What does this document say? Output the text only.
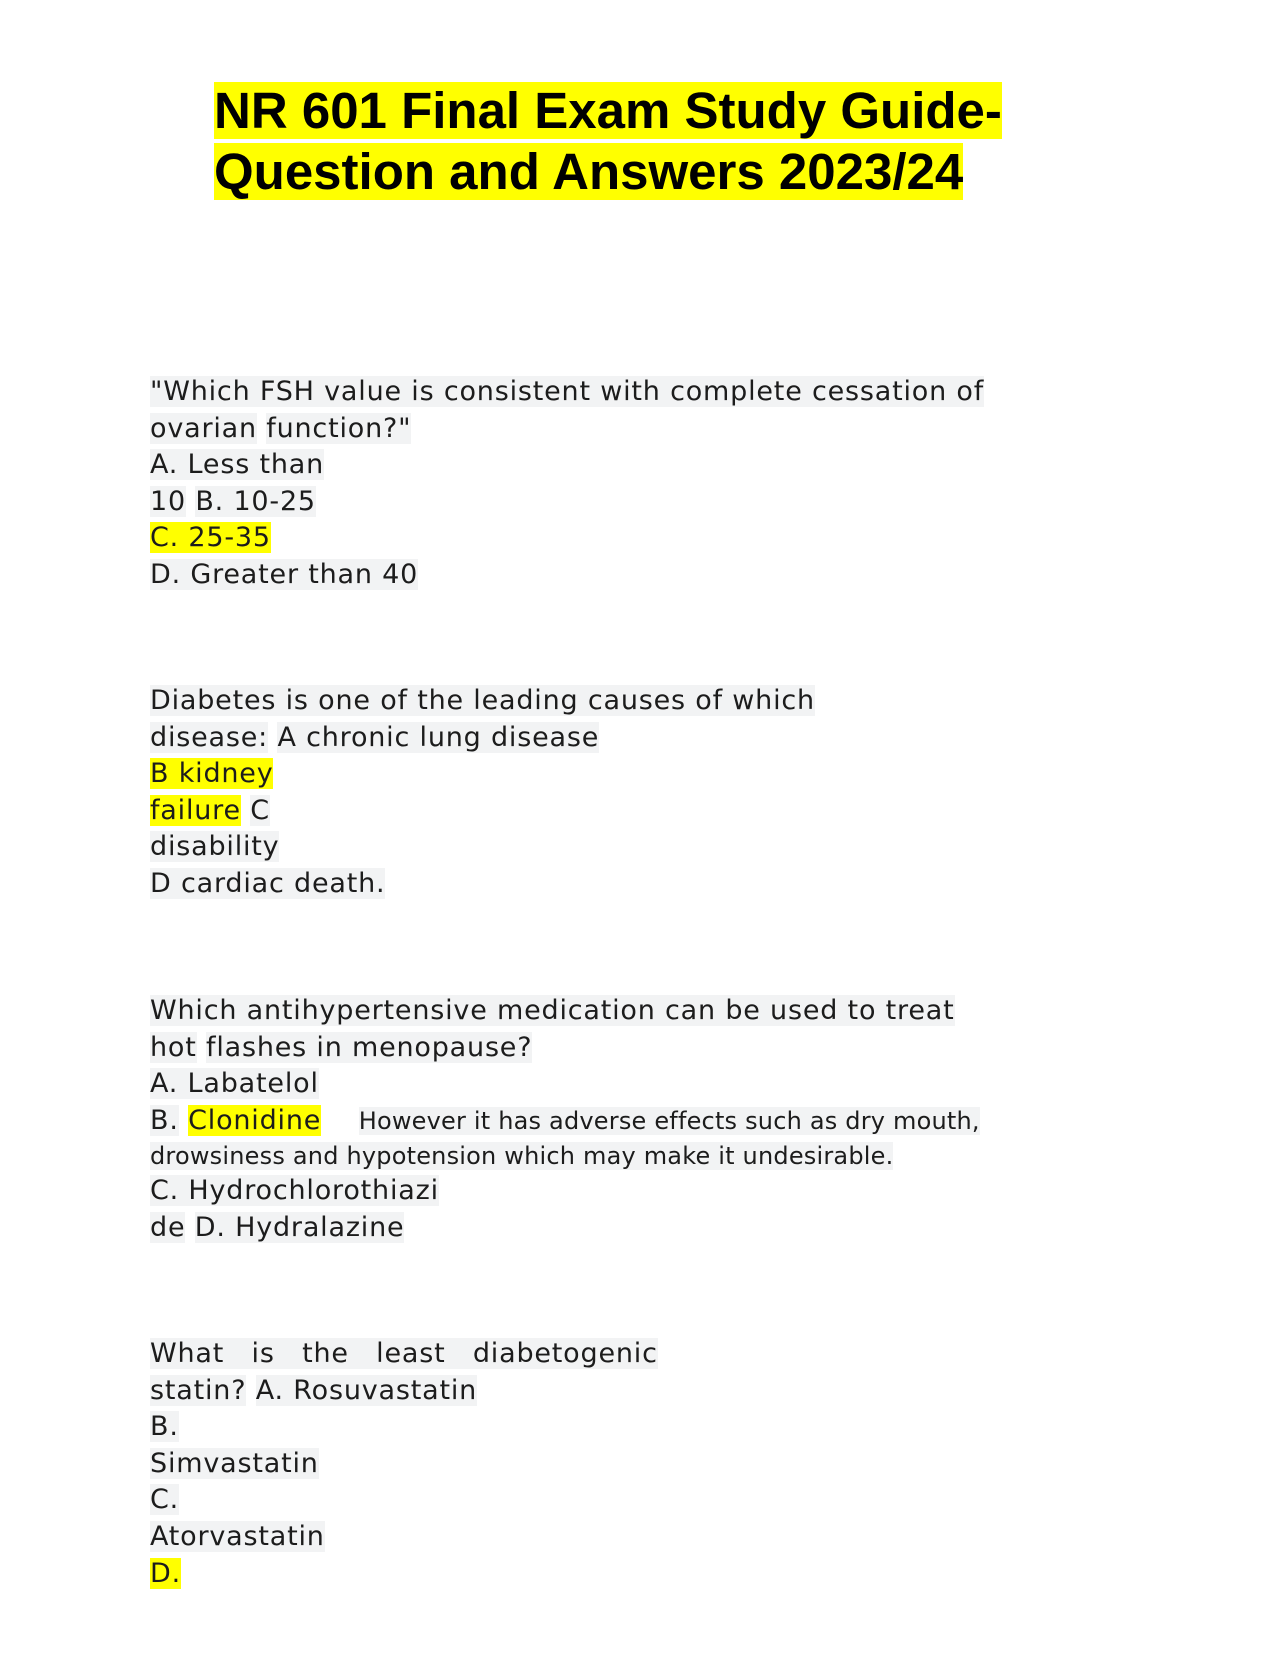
NR 601 Final Exam Study Guide-
Question and Answers 2023/24
"Which FSH value is consistent with complete cessation of
ovarian function?"
A. Less than
10 B. 10-25
C. 25-35
D. Greater than 40
Diabetes is one of the leading causes of which
disease: A chronic lung disease
B kidney
failure C
disability
D cardiac death.
Which antihypertensive medication can be used to treat
hot flashes in menopause?
A. Labatelol
B. Clonidine However it has adverse effects such as dry mouth,
drowsiness and hypotension which may make it undesirable.
C. Hydrochlorothiazi
de D. Hydralazine
What is the least diabetogenic
statin? A. Rosuvastatin
B.
Simvastatin
C.
Atorvastatin
D.
